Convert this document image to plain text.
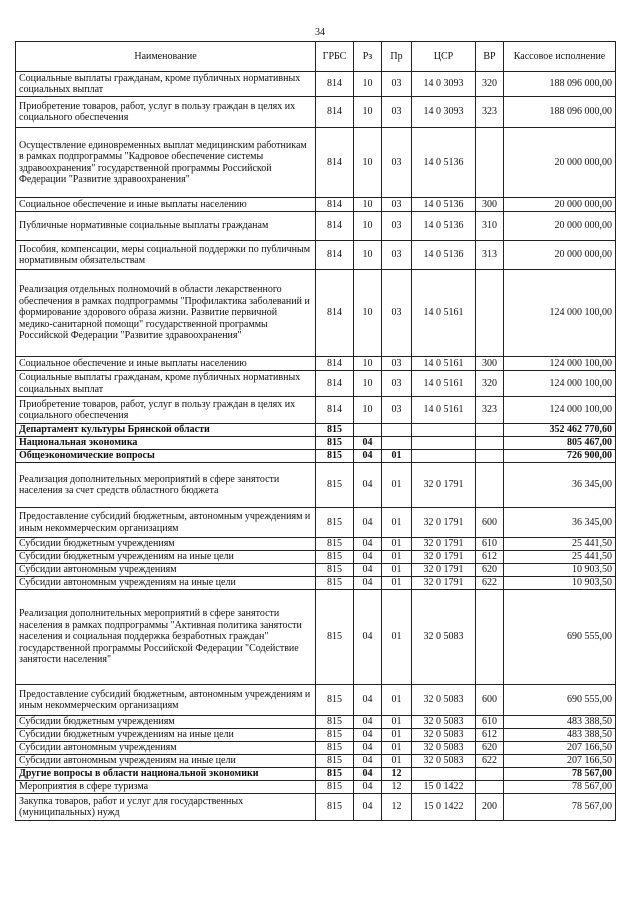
34
Наименование	ГРБС	Рз	Пр	ЦСР	ВР	Кассовое исполнение
Социальные выплаты гражданам, кроме публичных нормативных социальных выплат	814	10	03	14 0 3093	320	188 096 000,00
Приобретение товаров, работ, услуг в пользу граждан в целях их социального обеспечения	814	10	03	14 0 3093	323	188 096 000,00
Осуществление единовременных выплат медицинским работникам в рамках подпрограммы "Кадровое обеспечение системы здравоохранения" государственной программы Российской Федерации "Развитие здравоохранения"	814	10	03	14 0 5136		20 000 000,00
Социальное обеспечение и иные выплаты населению	814	10	03	14 0 5136	300	20 000 000,00
Публичные нормативные социальные выплаты гражданам	814	10	03	14 0 5136	310	20 000 000,00
Пособия, компенсации, меры социальной поддержки по публичным нормативным обязательствам	814	10	03	14 0 5136	313	20 000 000,00
Реализация отдельных полномочий в области лекарственного обеспечения в рамках подпрограммы "Профилактика заболеваний и формирование здорового образа жизни. Развитие первичной медико-санитарной помощи" государственной программы Российской Федерации "Развитие здравоохранения"	814	10	03	14 0 5161		124 000 100,00
Социальное обеспечение и иные выплаты населению	814	10	03	14 0 5161	300	124 000 100,00
Социальные выплаты гражданам, кроме публичных нормативных социальных выплат	814	10	03	14 0 5161	320	124 000 100,00
Приобретение товаров, работ, услуг в пользу граждан в целях их социального обеспечения	814	10	03	14 0 5161	323	124 000 100,00
Департамент культуры Брянской области	815					352 462 770,60
Национальная экономика	815	04				805 467,00
Общеэкономические вопросы	815	04	01			726 900,00
Реализация дополнительных мероприятий в сфере занятости населения за счет средств областного бюджета	815	04	01	32 0 1791		36 345,00
Предоставление субсидий бюджетным, автономным учреждениям и иным некоммерческим организациям	815	04	01	32 0 1791	600	36 345,00
Субсидии бюджетным учреждениям	815	04	01	32 0 1791	610	25 441,50
Субсидии бюджетным учреждениям на иные цели	815	04	01	32 0 1791	612	25 441,50
Субсидии автономным учреждениям	815	04	01	32 0 1791	620	10 903,50
Субсидии автономным учреждениям на иные цели	815	04	01	32 0 1791	622	10 903,50
Реализация дополнительных мероприятий в сфере занятости населения в рамках подпрограммы "Активная политика занятости населения и социальная поддержка безработных граждан" государственной программы Российской Федерации "Содействие занятости населения"	815	04	01	32 0 5083		690 555,00
Предоставление субсидий бюджетным, автономным учреждениям и иным некоммерческим организациям	815	04	01	32 0 5083	600	690 555,00
Субсидии бюджетным учреждениям	815	04	01	32 0 5083	610	483 388,50
Субсидии бюджетным учреждениям на иные цели	815	04	01	32 0 5083	612	483 388,50
Субсидии автономным учреждениям	815	04	01	32 0 5083	620	207 166,50
Субсидии автономным учреждениям на иные цели	815	04	01	32 0 5083	622	207 166,50
Другие вопросы в области национальной экономики	815	04	12			78 567,00
Мероприятия в сфере туризма	815	04	12	15 0 1422		78 567,00
Закупка товаров, работ и услуг для государственных (муниципальных) нужд	815	04	12	15 0 1422	200	78 567,00
